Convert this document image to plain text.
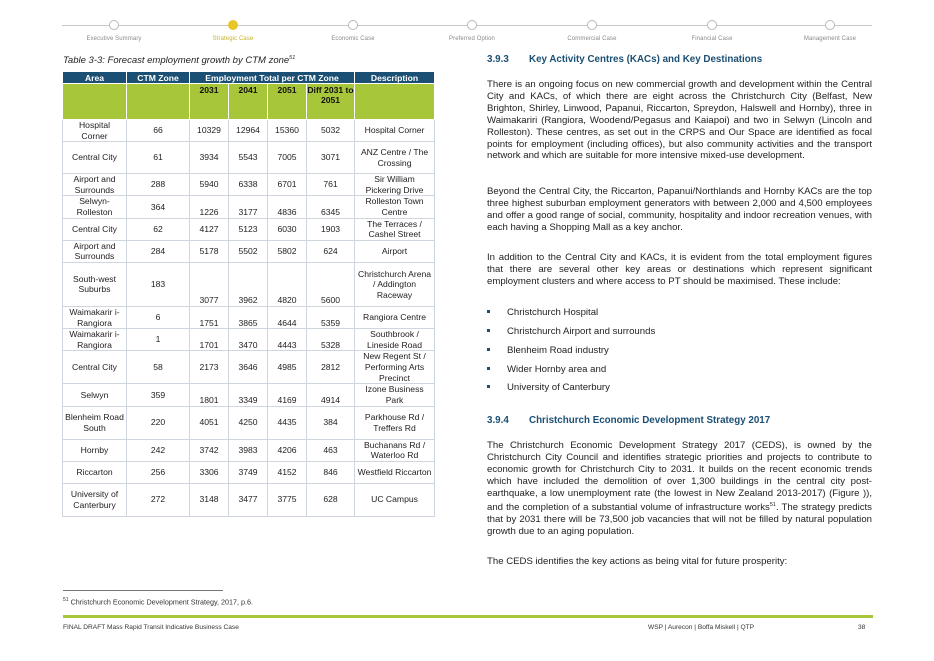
Executive Summary	Strategic Case	Economic Case	Preferred Option	Commercial Case	Financial Case	Management Case
Table 3-3: Forecast employment growth by CTM zone$^{51}$
Area	CTM Zone	Employment Total per CTM Zone				Description
		2031	2041	2051	Diff 2031 to 2051	
Hospital Corner	66	10329	12964	15360	5032	Hospital Corner
Central City	61	3934	5543	7005	3071	ANZ Centre / The Crossing
Airport and Surrounds	288	5940	6338	6701	761	Sir William Pickering Drive
Selwyn-Rolleston	364	1226	3177	4836	6345	Rolleston Town Centre
Central City	62	4127	5123	6030	1903	The Terraces / Cashel Street
Airport and Surrounds	284	5178	5502	5802	624	Airport
South-west Suburbs	183	3077	3962	4820	5600	Christchurch Arena / Addington Raceway
Waimakarir i-Rangiora	6	1751	3865	4644	5359	Rangiora Centre
Waimakarir i-Rangiora	1	1701	3470	4443	5328	Southbrook / Lineside Road
Central City	58	2173	3646	4985	2812	New Regent St / Performing Arts Precinct
Selwyn	359	1801	3349	4169	4914	Izone Business Park
Blenheim Road South	220	4051	4250	4435	384	Parkhouse Rd / Treffers Rd
Hornby	242	3742	3983	4206	463	Buchanans Rd / Waterloo Rd
Riccarton	256	3306	3749	4152	846	Westfield Riccarton
University of Canterbury	272	3148	3477	3775	628	UC Campus
3.9.3 Key Activity Centres (KACs) and Key Destinations

There is an ongoing focus on new commercial growth and development within the Central City and KACs, of which there are eight across the Christchurch City (Belfast, New Brighton, Shirley, Linwood, Papanui, Riccarton, Spreydon, Halswell and Hornby), three in Waimakariri (Rangiora, Woodend/Pegasus and Kaiapoi) and two in Selwyn (Lincoln and Rolleston). These centres, as set out in the CRPS and Our Space are identified as focal points for employment (including offices), but also community activities and the transport network and which are suitable for more intensive mixed-use development.

Beyond the Central City, the Riccarton, Papanui/Northlands and Hornby KACs are the top three highest suburban employment generators with between 2,000 and 4,500 employees and offer a good range of social, community, hospitality and indoor recreation venues, with each having a Shopping Mall as a key anchor.

In addition to the Central City and KACs, it is evident from the total employment figures that there are several other key areas or destinations which represent significant employment clusters and where access to PT should be maximised. These include:

Christchurch Hospital
Christchurch Airport and surrounds
Blenheim Road industry
Wider Hornby area and
University of Canterbury
3.9.4 Christchurch Economic Development Strategy 2017

The Christchurch Economic Development Strategy 2017 (CEDS), is owned by the Christchurch City Council and identifies strategic priorities and projects to contribute to economic growth for Christchurch City to 2031. It builds on the recent economic trends which have included the demolition of over 1,300 buildings in the central city post-earthquake, a low unemployment rate (the lowest in New Zealand 2013-2017) (Figure )), and the completion of a substantial volume of infrastructure works$^{51}$. The strategy predicts that by 2031 there will be 73,500 job vacancies that will not be filled by natural population growth due to an aging population.

The CEDS identifies the key actions as being vital for future prosperity:

$^{51}$ Christchurch Economic Development Strategy, 2017, p.6.
FINAL DRAFT Mass Rapid Transit Indicative Business Case	WSP | Aurecon | Boffa Miskell | QTP	38
